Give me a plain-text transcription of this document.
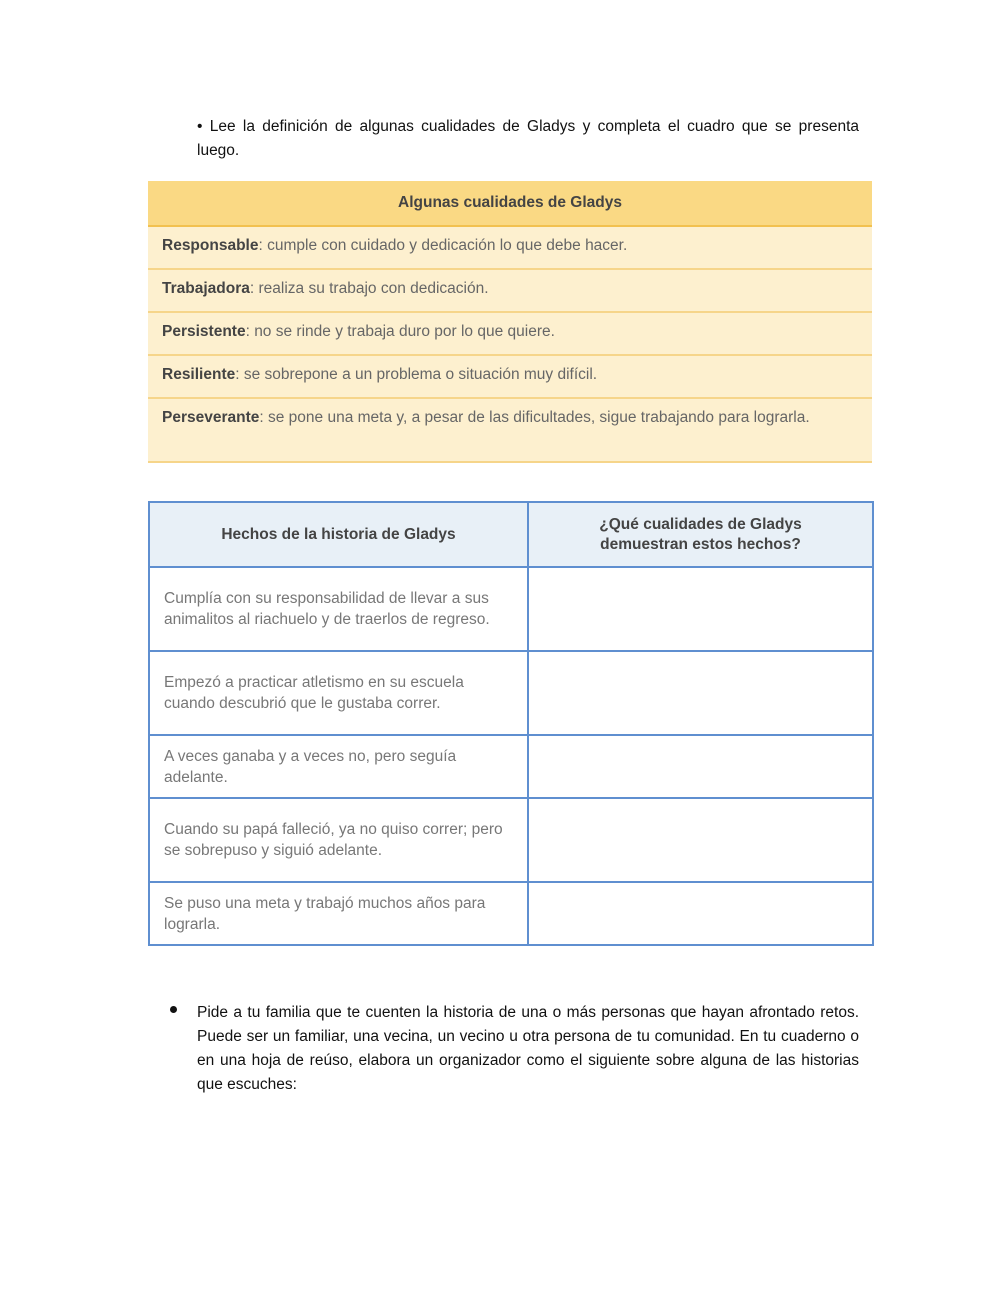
• Lee la definición de algunas cualidades de Gladys y completa el cuadro que se presenta luego.
Algunas cualidades de Gladys
Responsable: cumple con cuidado y dedicación lo que debe hacer.
Trabajadora: realiza su trabajo con dedicación.
Persistente: no se rinde y trabaja duro por lo que quiere.
Resiliente: se sobrepone a un problema o situación muy difícil.
Perseverante: se pone una meta y, a pesar de las dificultades, sigue trabajando para lograrla.
Hechos de la historia de Gladys	¿Qué cualidades de Gladys demuestran estos hechos?
Cumplía con su responsabilidad de llevar a sus animalitos al riachuelo y de traerlos de regreso.	
Empezó a practicar atletismo en su escuela cuando descubrió que le gustaba correr.	
A veces ganaba y a veces no, pero seguía adelante.	
Cuando su papá falleció, ya no quiso correr; pero se sobrepuso y siguió adelante.	
Se puso una meta y trabajó muchos años para lograrla.	
Pide a tu familia que te cuenten la historia de una o más personas que hayan afrontado retos. Puede ser un familiar, una vecina, un vecino u otra persona de tu comunidad. En tu cuaderno o en una hoja de reúso, elabora un organizador como el siguiente sobre alguna de las historias que escuches:
